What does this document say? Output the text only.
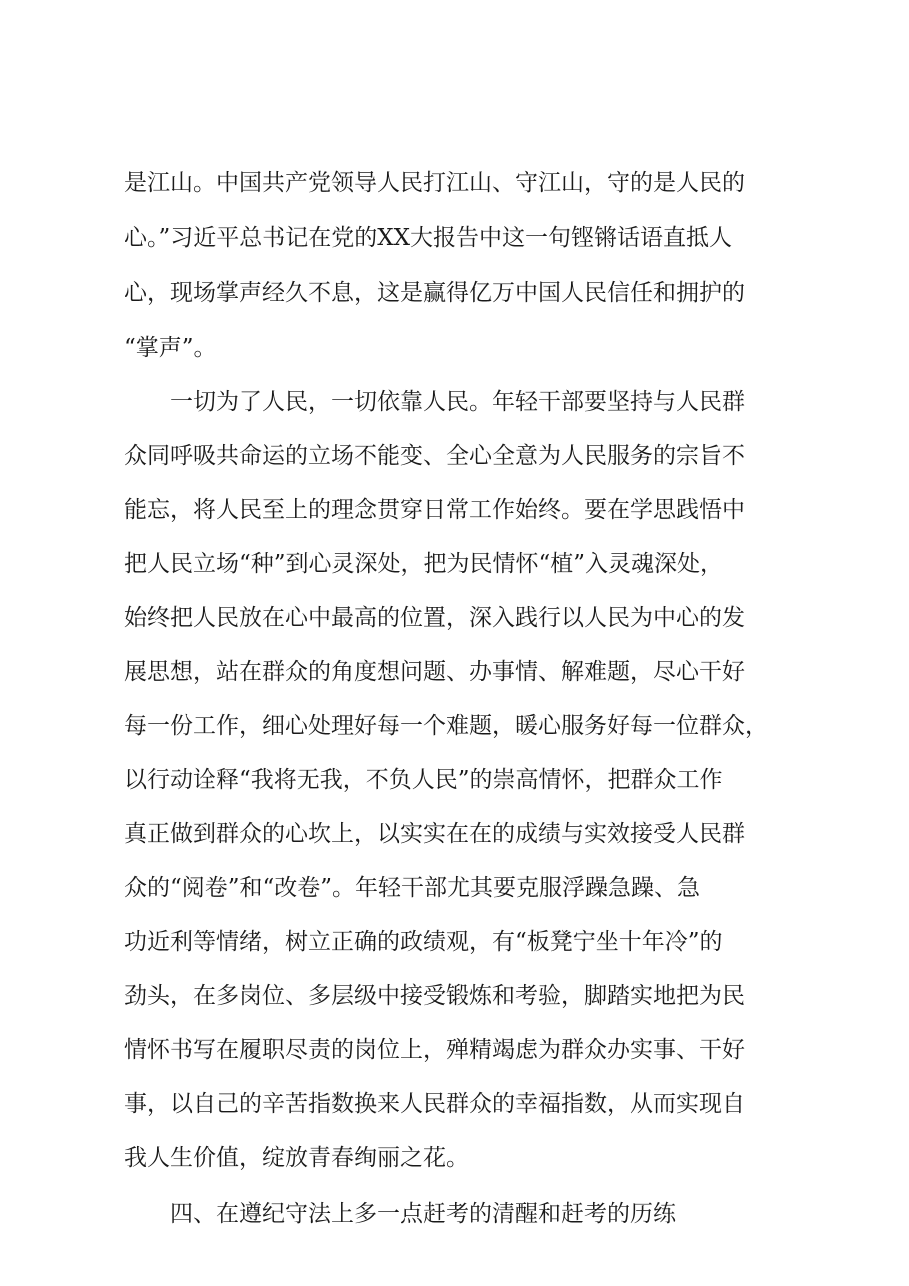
是江山。中国共产党领导人民打江山、守江山，守的是人民的
心。”习近平总书记在党的XX大报告中这一句铿锵话语直抵人
心，现场掌声经久不息，这是赢得亿万中国人民信任和拥护的
“掌声”。
一切为了人民，一切依靠人民。年轻干部要坚持与人民群
众同呼吸共命运的立场不能变、全心全意为人民服务的宗旨不
能忘，将人民至上的理念贯穿日常工作始终。要在学思践悟中
把人民立场“种”到心灵深处，把为民情怀“植”入灵魂深处，
始终把人民放在心中最高的位置，深入践行以人民为中心的发
展思想，站在群众的角度想问题、办事情、解难题，尽心干好
每一份工作，细心处理好每一个难题，暖心服务好每一位群众，
以行动诠释“我将无我，不负人民”的崇高情怀，把群众工作
真正做到群众的心坎上，以实实在在的成绩与实效接受人民群
众的“阅卷”和“改卷”。年轻干部尤其要克服浮躁急躁、急
功近利等情绪，树立正确的政绩观，有“板凳宁坐十年冷”的
劲头，在多岗位、多层级中接受锻炼和考验，脚踏实地把为民
情怀书写在履职尽责的岗位上，殚精竭虑为群众办实事、干好
事，以自己的辛苦指数换来人民群众的幸福指数，从而实现自
我人生价值，绽放青春绚丽之花。
四、在遵纪守法上多一点赶考的清醒和赶考的历练
